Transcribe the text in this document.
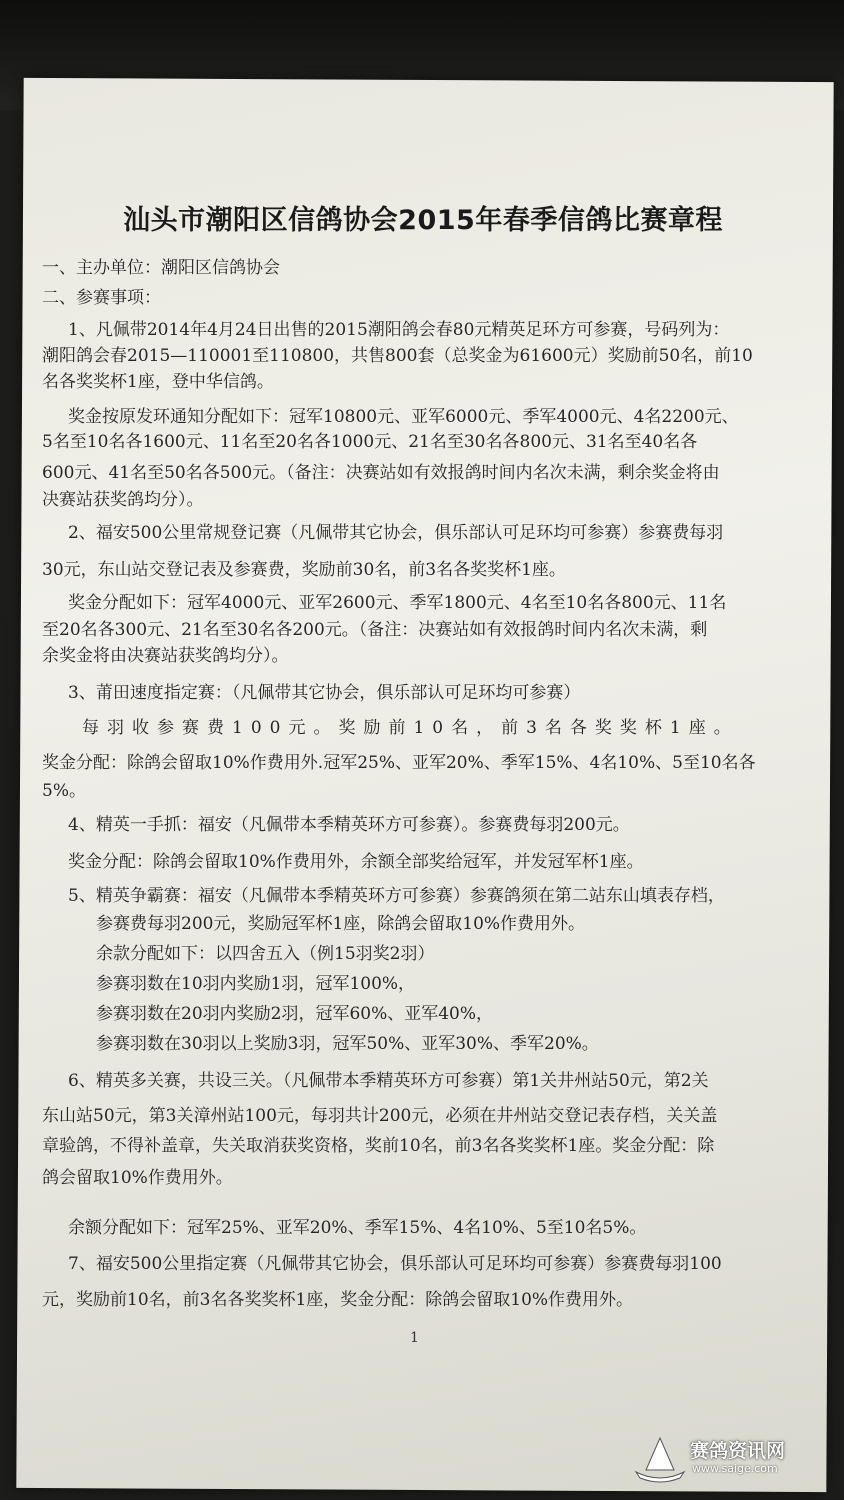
汕头市潮阳区信鸽协会2015年春季信鸽比赛章程
一、主办单位：潮阳区信鸽协会
二、参赛事项：
1、凡佩带2014年4月24日出售的2015潮阳鸽会春80元精英足环方可参赛，号码列为：
潮阳鸽会春2015—110001至110800，共售800套（总奖金为61600元）奖励前50名，前10
名各奖奖杯1座，登中华信鸽。
奖金按原发环通知分配如下：冠军10800元、亚军6000元、季军4000元、4名2200元、
5名至10名各1600元、11名至20名各1000元、21名至30名各800元、31名至40名各
600元、41名至50名各500元。（备注：决赛站如有效报鸽时间内名次未满，剩余奖金将由
决赛站获奖鸽均分）。
2、福安500公里常规登记赛（凡佩带其它协会，俱乐部认可足环均可参赛）参赛费每羽
30元，东山站交登记表及参赛费，奖励前30名，前3名各奖奖杯1座。
奖金分配如下：冠军4000元、亚军2600元、季军1800元、4名至10名各800元、11名
至20名各300元、21名至30名各200元。（备注：决赛站如有效报鸽时间内名次未满，剩
余奖金将由决赛站获奖鸽均分）。
3、莆田速度指定赛：（凡佩带其它协会，俱乐部认可足环均可参赛）
每羽收参赛费100元。奖励前10名，前3名各奖奖杯1座。
奖金分配：除鸽会留取10%作费用外.冠军25%、亚军20%、季军15%、4名10%、5至10名各
5%。
4、精英一手抓：福安（凡佩带本季精英环方可参赛）。参赛费每羽200元。
奖金分配：除鸽会留取10%作费用外，余额全部奖给冠军，并发冠军杯1座。
5、精英争霸赛：福安（凡佩带本季精英环方可参赛）参赛鸽须在第二站东山填表存档，
参赛费每羽200元，奖励冠军杯1座，除鸽会留取10%作费用外。
余款分配如下：以四舍五入（例15羽奖2羽）
参赛羽数在10羽内奖励1羽，冠军100%，
参赛羽数在20羽内奖励2羽，冠军60%、亚军40%，
参赛羽数在30羽以上奖励3羽，冠军50%、亚军30%、季军20%。
6、精英多关赛，共设三关。（凡佩带本季精英环方可参赛）第1关井州站50元，第2关
东山站50元，第3关漳州站100元，每羽共计200元，必须在井州站交登记表存档，关关盖
章验鸽，不得补盖章，失关取消获奖资格，奖前10名，前3名各奖奖杯1座。奖金分配：除
鸽会留取10%作费用外。
余额分配如下：冠军25%、亚军20%、季军15%、4名10%、5至10名5%。
7、福安500公里指定赛（凡佩带其它协会，俱乐部认可足环均可参赛）参赛费每羽100
元，奖励前10名，前3名各奖奖杯1座，奖金分配：除鸽会留取10%作费用外。
1
赛鸽资讯网
www.saige.com
